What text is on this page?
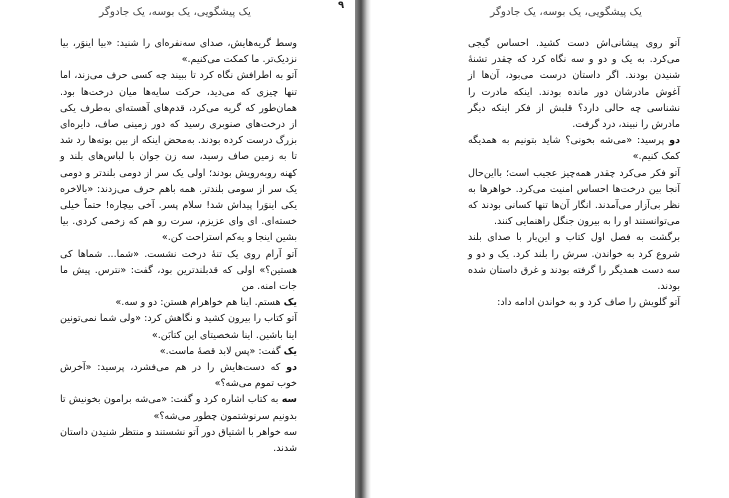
یک پیشگویی، یک بوسه، یک جادوگر
۹

وسط گریه‌هایش، صدای سه‌نفره‌ای را شنید: «بیا اینوَر، بیا نزدیک‌تر. ما کمکت می‌کنیم.»

آتو به اطرافش نگاه کرد تا ببیند چه کسی حرف می‌زند، اما تنها چیزی که می‌دید، حرکت سایه‌ها میان درخت‌ها بود. همان‌طور که گریه می‌کرد، قدم‌های آهسته‌ای به‌طرف یکی از درخت‌های صنوبری رسید که دور زمینی صاف، دایره‌ای بزرگ درست کرده بودند. به‌محض اینکه از بین بوته‌ها رد شد تا به زمین صاف رسید، سه زن جوان با لباس‌های بلند و کهنه روبه‌رویش بودند؛ اولی یک سر از دومی بلندتر و دومی یک سر از سومی بلندتر. همه باهم حرف می‌زدند: «بالاخره یکی اینوَرا پیداش شد! سلام پسر. آخی بیچاره! حتماً خیلی خسته‌ای. ای وای عزیزم، سرت رو هم که زخمی کردی. بیا بشین اینجا و یه‌کم استراحت کن.»

آتو آرام روی یک تنهٔ درخت نشست. «شما... شماها کی هستین؟» اولی که قدبلندترین بود، گفت: «نترس. پیش ما جات امنه. من

یک هستم. اینا هم خواهرام هستن: دو و سه.»

آتو کتاب را بیرون کشید و نگاهش کرد: «ولی شما نمی‌تونین اینا باشین. اینا شخصیتای این کتابَن.»

یک گفت: «پس لابد قصهٔ ماست.»

دو که دست‌هایش را در هم می‌فشرد، پرسید: «آخرش خوب تموم می‌شه؟»

سه به کتاب اشاره کرد و گفت: «می‌شه برامون بخونیش تا بدونیم سرنوشتمون چطور می‌شه؟»

سه خواهر با اشتیاق دور آتو نشستند و منتظر شنیدن داستان شدند.

یک پیشگویی، یک بوسه، یک جادوگر

آتو روی پیشانی‌اش دست کشید. احساس گیجی می‌کرد. به یک و دو و سه نگاه کرد که چقدر تشنهٔ شنیدن بودند. اگر داستان درست می‌بود، آن‌ها از آغوش مادرشان دور مانده بودند. اینکه مادرت را نشناسی چه حالی دارد؟ قلبش از فکر اینکه دیگر مادرش را نبیند، درد گرفت.

دو پرسید: «می‌شه بخونی؟ شاید بتونیم به همدیگه کمک کنیم.»

آتو فکر می‌کرد چقدر همه‌چیز عجیب است؛ بااین‌حال آنجا بین درخت‌ها احساس امنیت می‌کرد. خواهرها به نظر بی‌آزار می‌آمدند. انگار آن‌ها تنها کسانی بودند که می‌توانستند او را به بیرون جنگل راهنمایی کنند.

برگشت به فصل اول کتاب و این‌بار با صدای بلند شروع کرد به خواندن. سرش را بلند کرد. یک و دو و سه دست همدیگر را گرفته بودند و غرق داستان شده بودند.

آتو گلویش را صاف کرد و به خواندن ادامه داد:
